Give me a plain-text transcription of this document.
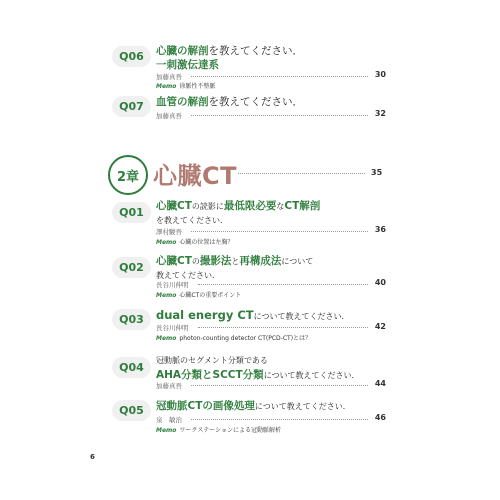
Q06	心臓の解剖を教えてください．
一刺激伝達系
加藤真吾	30
Memo 徐脈性不整脈
Q07	血管の解剖を教えてください．
加藤真吾	32
2章 心臓CT	35
Q01	心臓CTの読影に最低限必要なCT解剖
を教えてください．
澤村駿吾	36
Memo 心臓の位置は左胸？
Q02	心臓CTの撮影法と再構成法について
教えてください．
長谷川伸明	40
Memo 心臓CTの重要ポイント
Q03	dual energy CTについて教えてください．
長谷川伸明	42
Memo photon-counting detector CT(PCD-CT)とは？
Q04
冠動脈のセグメント分類である
AHA分類とSCCT分類について教えてください．
加藤真吾	44
Q05	冠動脈CTの画像処理について教えてください．
泉　敏治	46
Memo ワークステーションによる冠動脈解析
6
